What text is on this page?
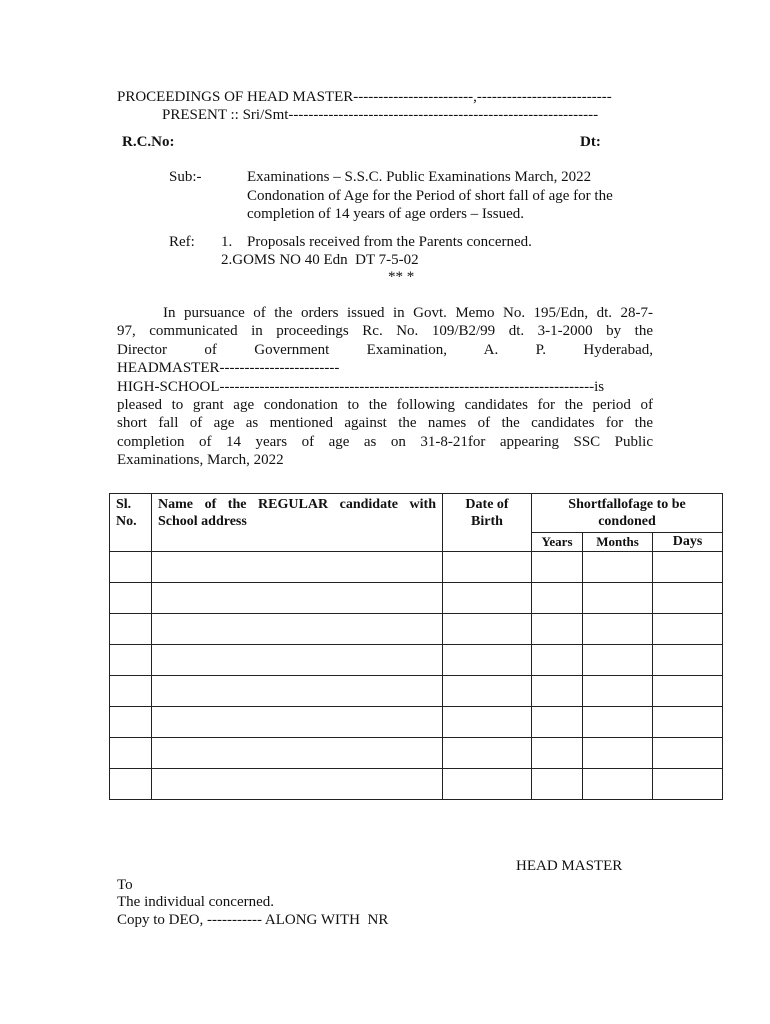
PROCEEDINGS OF HEAD MASTER------------------------,---------------------------
PRESENT :: Sri/Smt--------------------------------------------------------------
R.C.No:	Dt:
Sub:-	Examinations – S.S.C. Public Examinations March, 2022
Condonation of Age for the Period of short fall of age for the
completion of 14 years of age orders – Issued.
Ref: 1. Proposals received from the Parents concerned.
2.GOMS NO 40 Edn  DT 7-5-02
** *
In pursuance of the orders issued in Govt. Memo No. 195/Edn, dt. 28-7-
97, communicated in proceedings Rc. No. 109/B2/99 dt. 3-1-2000 by the
Director of Government Examination, A. P. Hyderabad,
HEADMASTER------------------------
HIGH-SCHOOL---------------------------------------------------------------------------is
pleased to grant age condonation to the following candidates for the period of
short fall of age as mentioned against the names of the candidates for the
completion of 14 years of age as on 31-8-21for appearing SSC Public
Examinations, March, 2022
Sl. No.	Name of the REGULAR candidate with School address	Date of Birth	Shortfallofage to be condoned		

			Years	Months	Days

HEAD MASTER
To
The individual concerned.
Copy to DEO, ----------- ALONG WITH  NR
